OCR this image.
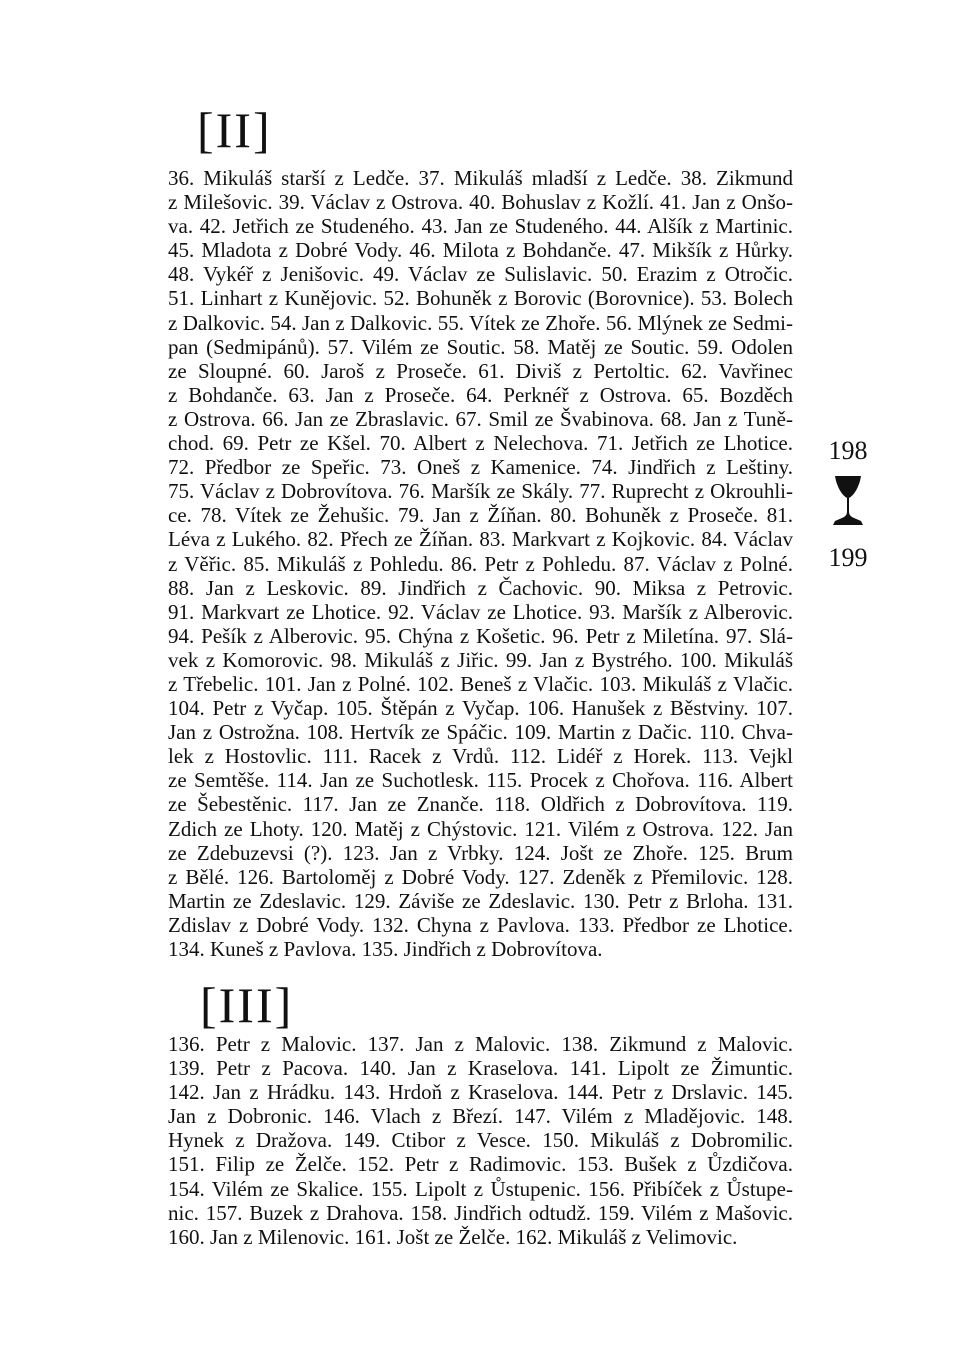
[II]
36. Mikuláš starší z Ledče. 37. Mikuláš mladší z Ledče. 38. Zikmund
z Milešovic. 39. Václav z Ostrova. 40. Bohuslav z Kožlí. 41. Jan z Onšo-
va. 42. Jetřich ze Studeného. 43. Jan ze Studeného. 44. Alšík z Martinic.
45. Mladota z Dobré Vody. 46. Milota z Bohdanče. 47. Mikšík z Hůrky.
48. Vykéř z Jenišovic. 49. Václav ze Sulislavic. 50. Erazim z Otročic.
51. Linhart z Kunějovic. 52. Bohuněk z Borovic (Borovnice). 53. Bolech
z Dalkovic. 54. Jan z Dalkovic. 55. Vítek ze Zhoře. 56. Mlýnek ze Sedmi-
pan (Sedmipánů). 57. Vilém ze Soutic. 58. Matěj ze Soutic. 59. Odolen
ze Sloupné. 60. Jaroš z Proseče. 61. Diviš z Pertoltic. 62. Vavřinec
z Bohdanče. 63. Jan z Proseče. 64. Perknéř z Ostrova. 65. Bozděch
z Ostrova. 66. Jan ze Zbraslavic. 67. Smil ze Švabinova. 68. Jan z Tuně-
chod. 69. Petr ze Kšel. 70. Albert z Nelechova. 71. Jetřich ze Lhotice.
72. Předbor ze Speřic. 73. Oneš z Kamenice. 74. Jindřich z Leštiny.
75. Václav z Dobrovítova. 76. Maršík ze Skály. 77. Ruprecht z Okrouhli-
ce. 78. Vítek ze Žehušic. 79. Jan z Žíňan. 80. Bohuněk z Proseče. 81.
Léva z Lukého. 82. Přech ze Žíňan. 83. Markvart z Kojkovic. 84. Václav
z Věřic. 85. Mikuláš z Pohledu. 86. Petr z Pohledu. 87. Václav z Polné.
88. Jan z Leskovic. 89. Jindřich z Čachovic. 90. Miksa z Petrovic.
91. Markvart ze Lhotice. 92. Václav ze Lhotice. 93. Maršík z Alberovic.
94. Pešík z Alberovic. 95. Chýna z Košetic. 96. Petr z Miletína. 97. Slá-
vek z Komorovic. 98. Mikuláš z Jiřic. 99. Jan z Bystrého. 100. Mikuláš
z Třebelic. 101. Jan z Polné. 102. Beneš z Vlačic. 103. Mikuláš z Vlačic.
104. Petr z Vyčap. 105. Štěpán z Vyčap. 106. Hanušek z Běstviny. 107.
Jan z Ostrožna. 108. Hertvík ze Spáčic. 109. Martin z Dačic. 110. Chva-
lek z Hostovlic. 111. Racek z Vrdů. 112. Lidéř z Horek. 113. Vejkl
ze Semtěše. 114. Jan ze Suchotlesk. 115. Procek z Chořova. 116. Albert
ze Šebestěnic. 117. Jan ze Znanče. 118. Oldřich z Dobrovítova. 119.
Zdich ze Lhoty. 120. Matěj z Chýstovic. 121. Vilém z Ostrova. 122. Jan
ze Zdebuzevsi (?). 123. Jan z Vrbky. 124. Jošt ze Zhoře. 125. Brum
z Bělé. 126. Bartoloměj z Dobré Vody. 127. Zdeněk z Přemilovic. 128.
Martin ze Zdeslavic. 129. Záviše ze Zdeslavic. 130. Petr z Brloha. 131.
Zdislav z Dobré Vody. 132. Chyna z Pavlova. 133. Předbor ze Lhotice.
134. Kuneš z Pavlova. 135. Jindřich z Dobrovítova.
[III]
136. Petr z Malovic. 137. Jan z Malovic. 138. Zikmund z Malovic.
139. Petr z Pacova. 140. Jan z Kraselova. 141. Lipolt ze Žimuntic.
142. Jan z Hrádku. 143. Hrdoň z Kraselova. 144. Petr z Drslavic. 145.
Jan z Dobronic. 146. Vlach z Březí. 147. Vilém z Mladějovic. 148.
Hynek z Dražova. 149. Ctibor z Vesce. 150. Mikuláš z Dobromilic.
151. Filip ze Želče. 152. Petr z Radimovic. 153. Bušek z Ůzdičova.
154. Vilém ze Skalice. 155. Lipolt z Ůstupenic. 156. Přibíček z Ůstupe-
nic. 157. Buzek z Drahova. 158. Jindřich odtudž. 159. Vilém z Mašovic.
160. Jan z Milenovic. 161. Jošt ze Želče. 162. Mikuláš z Velimovic.
198
199
